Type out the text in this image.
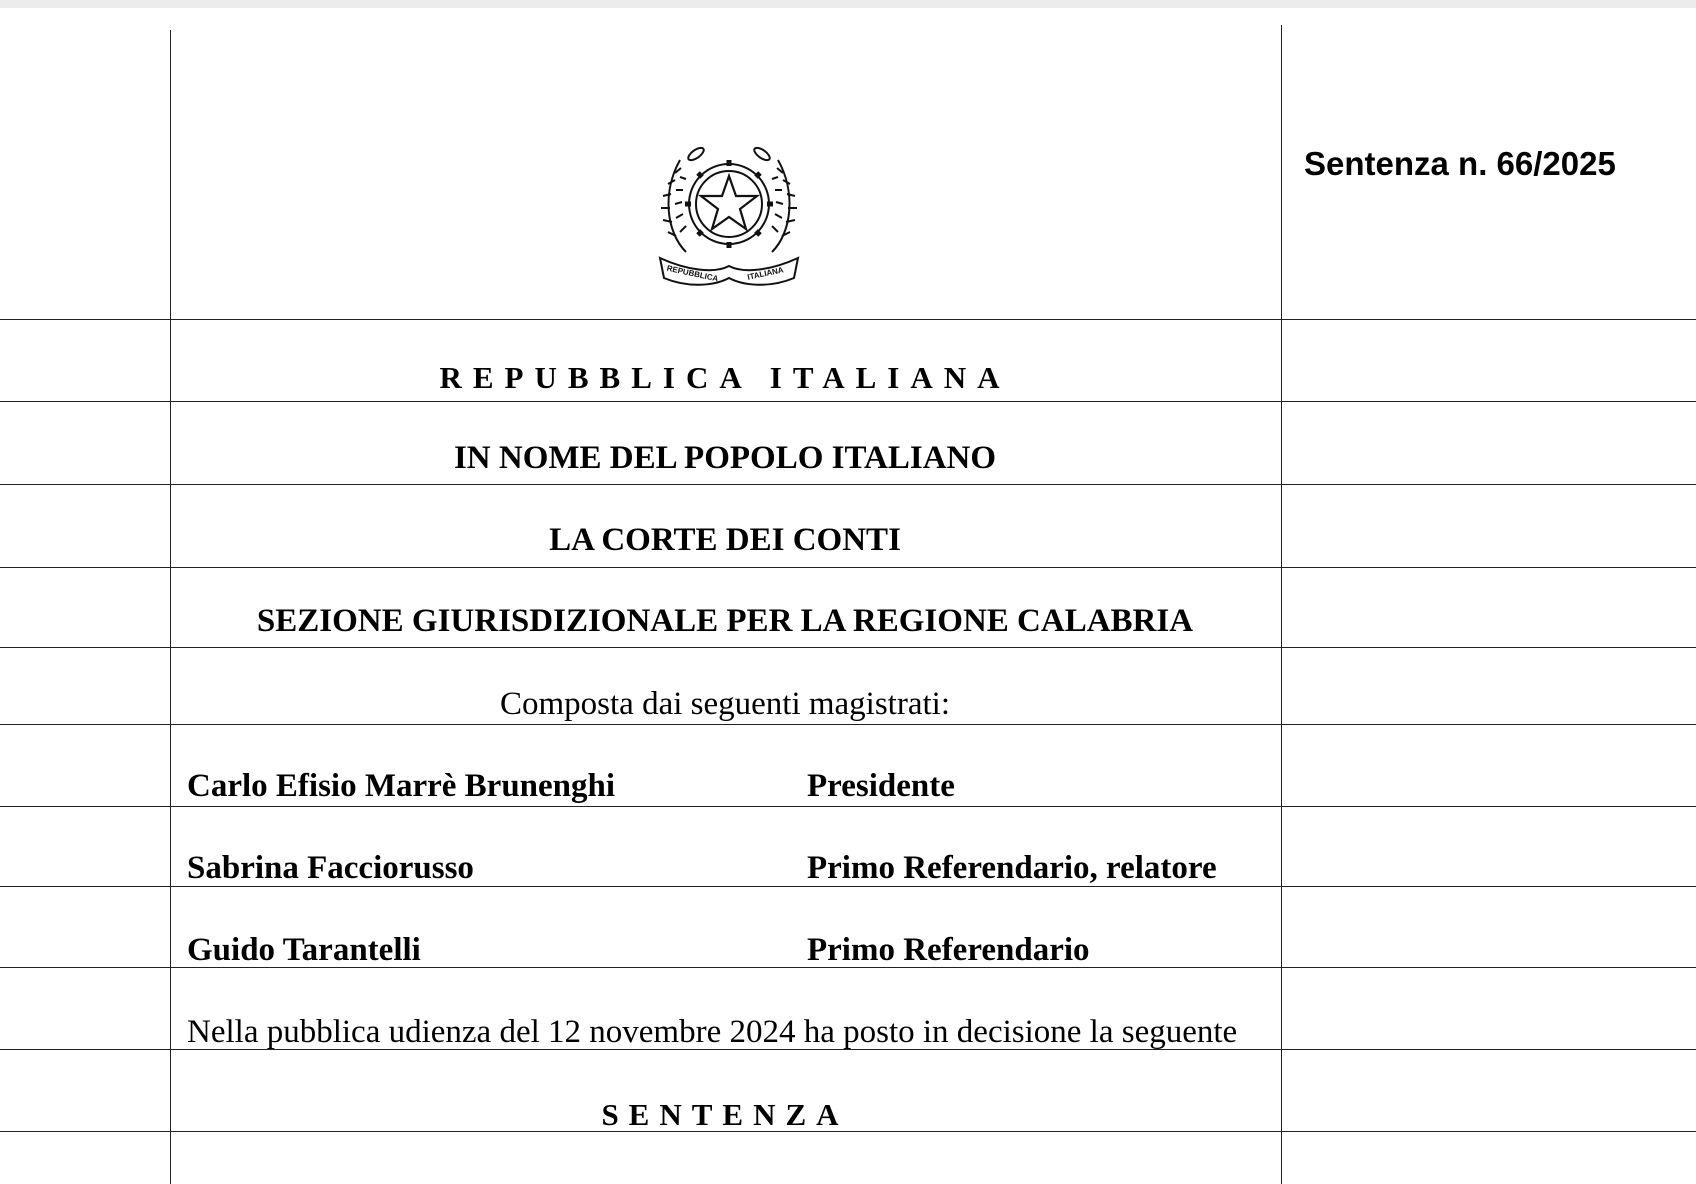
REPUBBLICA	ITALIANA
Sentenza n. 66/2025
REPUBBLICA ITALIANA
IN NOME DEL POPOLO ITALIANO
LA CORTE DEI CONTI
SEZIONE GIURISDIZIONALE PER LA REGIONE CALABRIA
Composta dai seguenti magistrati:
Carlo Efisio Marrè Brunenghi	Presidente
Sabrina Facciorusso	Primo Referendario, relatore
Guido Tarantelli	Primo Referendario
Nella pubblica udienza del 12 novembre 2024 ha posto in decisione la seguente
SENTENZA
